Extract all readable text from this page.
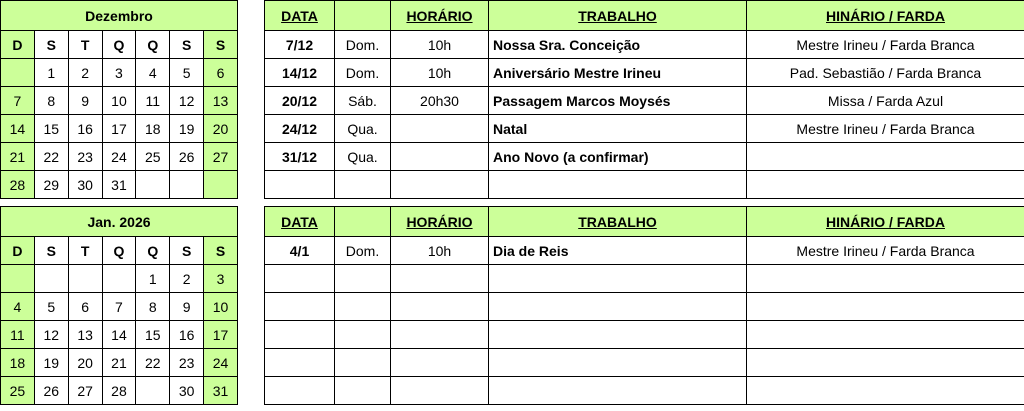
Dezembro						
D	S	T	Q	Q	S	S
	1	2	3	4	5	6
7	8	9	10	11	12	13
14	15	16	17	18	19	20
21	22	23	24	25	26	27
28	29	30	31			
DATA		HORÁRIO	TRABALHO	HINÁRIO / FARDA
7/12	Dom.	10h	Nossa Sra. Conceição	Mestre Irineu / Farda Branca
14/12	Dom.	10h	Aniversário Mestre Irineu	Pad. Sebastião / Farda Branca
20/12	Sáb.	20h30	Passagem Marcos Moysés	Missa / Farda Azul
24/12	Qua.		Natal	Mestre Irineu / Farda Branca
31/12	Qua.		Ano Novo (a confirmar)	

Jan. 2026						
D	S	T	Q	Q	S	S
				1	2	3
4	5	6	7	8	9	10
11	12	13	14	15	16	17
18	19	20	21	22	23	24
25	26	27	28		30	31
DATA		HORÁRIO	TRABALHO	HINÁRIO / FARDA
4/1	Dom.	10h	Dia de Reis	Mestre Irineu / Farda Branca
